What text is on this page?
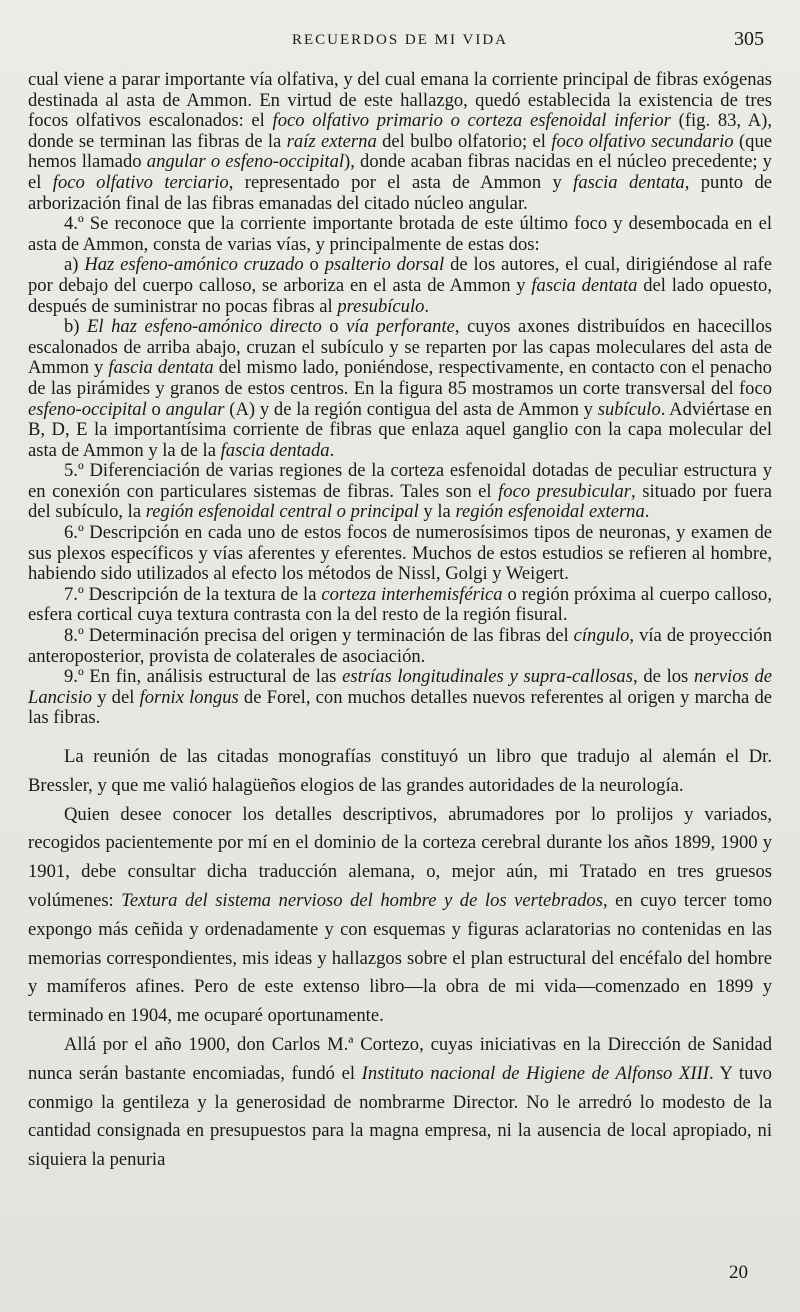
RECUERDOS DE MI VIDA	305

cual viene a parar importante vía olfativa, y del cual emana la corriente principal de fibras exógenas destinada al asta de Ammon. En virtud de este hallazgo, quedó establecida la existencia de tres focos olfativos escalonados: el foco olfativo primario o corteza esfenoidal inferior (fig. 83, A), donde se terminan las fibras de la raíz externa del bulbo olfatorio; el foco olfativo secundario (que hemos llamado angular o esfeno-occipital), donde acaban fibras nacidas en el núcleo precedente; y el foco olfativo terciario, representado por el asta de Ammon y fascia dentata, punto de arborización final de las fibras emanadas del citado núcleo angular.

4.º Se reconoce que la corriente importante brotada de este último foco y desembocada en el asta de Ammon, consta de varias vías, y principalmente de estas dos:

a) Haz esfeno-amónico cruzado o psalterio dorsal de los autores, el cual, dirigiéndose al rafe por debajo del cuerpo calloso, se arboriza en el asta de Ammon y fascia dentata del lado opuesto, después de suministrar no pocas fibras al presubículo.

b) El haz esfeno-amónico directo o vía perforante, cuyos axones distribuídos en hacecillos escalonados de arriba abajo, cruzan el subículo y se reparten por las capas moleculares del asta de Ammon y fascia dentata del mismo lado, poniéndose, respectivamente, en contacto con el penacho de las pirámides y granos de estos centros. En la figura 85 mostramos un corte transversal del foco esfeno-occipital o angular (A) y de la región contigua del asta de Ammon y subículo. Adviértase en B, D, E la importantísima corriente de fibras que enlaza aquel ganglio con la capa molecular del asta de Ammon y la de la fascia dentada.

5.º Diferenciación de varias regiones de la corteza esfenoidal dotadas de peculiar estructura y en conexión con particulares sistemas de fibras. Tales son el foco presubicular, situado por fuera del subículo, la región esfenoidal central o principal y la región esfenoidal externa.

6.º Descripción en cada uno de estos focos de numerosísimos tipos de neuronas, y examen de sus plexos específicos y vías aferentes y eferentes. Muchos de estos estudios se refieren al hombre, habiendo sido utilizados al efecto los métodos de Nissl, Golgi y Weigert.

7.º Descripción de la textura de la corteza interhemisférica o región próxima al cuerpo calloso, esfera cortical cuya textura contrasta con la del resto de la región fisural.

8.º Determinación precisa del origen y terminación de las fibras del cíngulo, vía de proyección anteroposterior, provista de colaterales de asociación.

9.º En fin, análisis estructural de las estrías longitudinales y supra-callosas, de los nervios de Lancisio y del fornix longus de Forel, con muchos detalles nuevos referentes al origen y marcha de las fibras.

La reunión de las citadas monografías constituyó un libro que tradujo al alemán el Dr. Bressler, y que me valió halagüeños elogios de las grandes autoridades de la neurología.

Quien desee conocer los detalles descriptivos, abrumadores por lo prolijos y variados, recogidos pacientemente por mí en el dominio de la corteza cerebral durante los años 1899, 1900 y 1901, debe consultar dicha traducción alemana, o, mejor aún, mi Tratado en tres gruesos volúmenes: Textura del sistema nervioso del hombre y de los vertebrados, en cuyo tercer tomo expongo más ceñida y ordenadamente y con esquemas y figuras aclaratorias no contenidas en las memorias correspondientes, mis ideas y hallazgos sobre el plan estructural del encéfalo del hombre y mamíferos afines. Pero de este extenso libro—la obra de mi vida—comenzado en 1899 y terminado en 1904, me ocuparé oportunamente.

Allá por el año 1900, don Carlos M.ª Cortezo, cuyas iniciativas en la Dirección de Sanidad nunca serán bastante encomiadas, fundó el Instituto nacional de Higiene de Alfonso XIII. Y tuvo conmigo la gentileza y la generosidad de nombrarme Director. No le arredró lo modesto de la cantidad consignada en presupuestos para la magna empresa, ni la ausencia de local apropiado, ni siquiera la penuria

20
